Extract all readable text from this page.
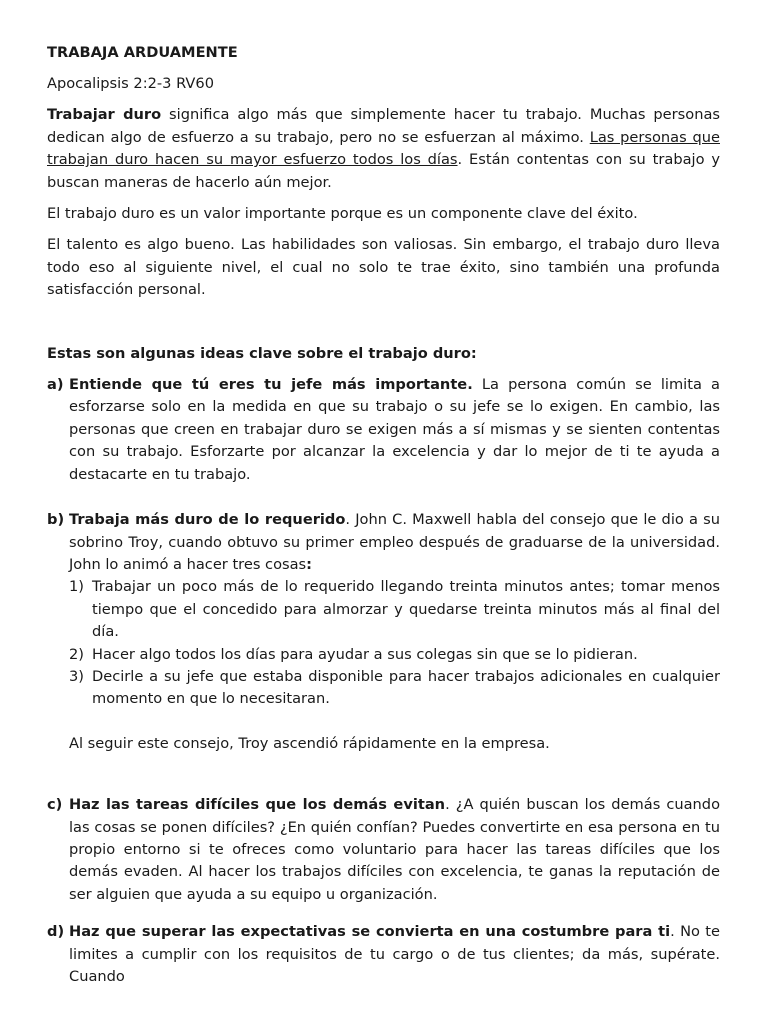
TRABAJA ARDUAMENTE

Apocalipsis 2:2-3 RV60

Trabajar duro significa algo más que simplemente hacer tu trabajo. Muchas personas dedican algo de esfuerzo a su trabajo, pero no se esfuerzan al máximo. Las personas que trabajan duro hacen su mayor esfuerzo todos los días. Están contentas con su trabajo y buscan maneras de hacerlo aún mejor.

El trabajo duro es un valor importante porque es un componente clave del éxito.

El talento es algo bueno. Las habilidades son valiosas. Sin embargo, el trabajo duro lleva todo eso al siguiente nivel, el cual no solo te trae éxito, sino también una profunda satisfacción personal.

Estas son algunas ideas clave sobre el trabajo duro:

a) Entiende que tú eres tu jefe más importante. La persona común se limita a esforzarse solo en la medida en que su trabajo o su jefe se lo exigen. En cambio, las personas que creen en trabajar duro se exigen más a sí mismas y se sienten contentas con su trabajo. Esforzarte por alcanzar la excelencia y dar lo mejor de ti te ayuda a destacarte en tu trabajo.

b) Trabaja más duro de lo requerido. John C. Maxwell habla del consejo que le dio a su sobrino Troy, cuando obtuvo su primer empleo después de graduarse de la universidad. John lo animó a hacer tres cosas:

1) Trabajar un poco más de lo requerido llegando treinta minutos antes; tomar menos tiempo que el concedido para almorzar y quedarse treinta minutos más al final del día.

2) Hacer algo todos los días para ayudar a sus colegas sin que se lo pidieran.

3) Decirle a su jefe que estaba disponible para hacer trabajos adicionales en cualquier momento en que lo necesitaran.

Al seguir este consejo, Troy ascendió rápidamente en la empresa.

c) Haz las tareas difíciles que los demás evitan. ¿A quién buscan los demás cuando las cosas se ponen difíciles? ¿En quién confían? Puedes convertirte en esa persona en tu propio entorno si te ofreces como voluntario para hacer las tareas difíciles que los demás evaden. Al hacer los trabajos difíciles con excelencia, te ganas la reputación de ser alguien que ayuda a su equipo u organización.

d) Haz que superar las expectativas se convierta en una costumbre para ti. No te limites a cumplir con los requisitos de tu cargo o de tus clientes; da más, supérate. Cuando
